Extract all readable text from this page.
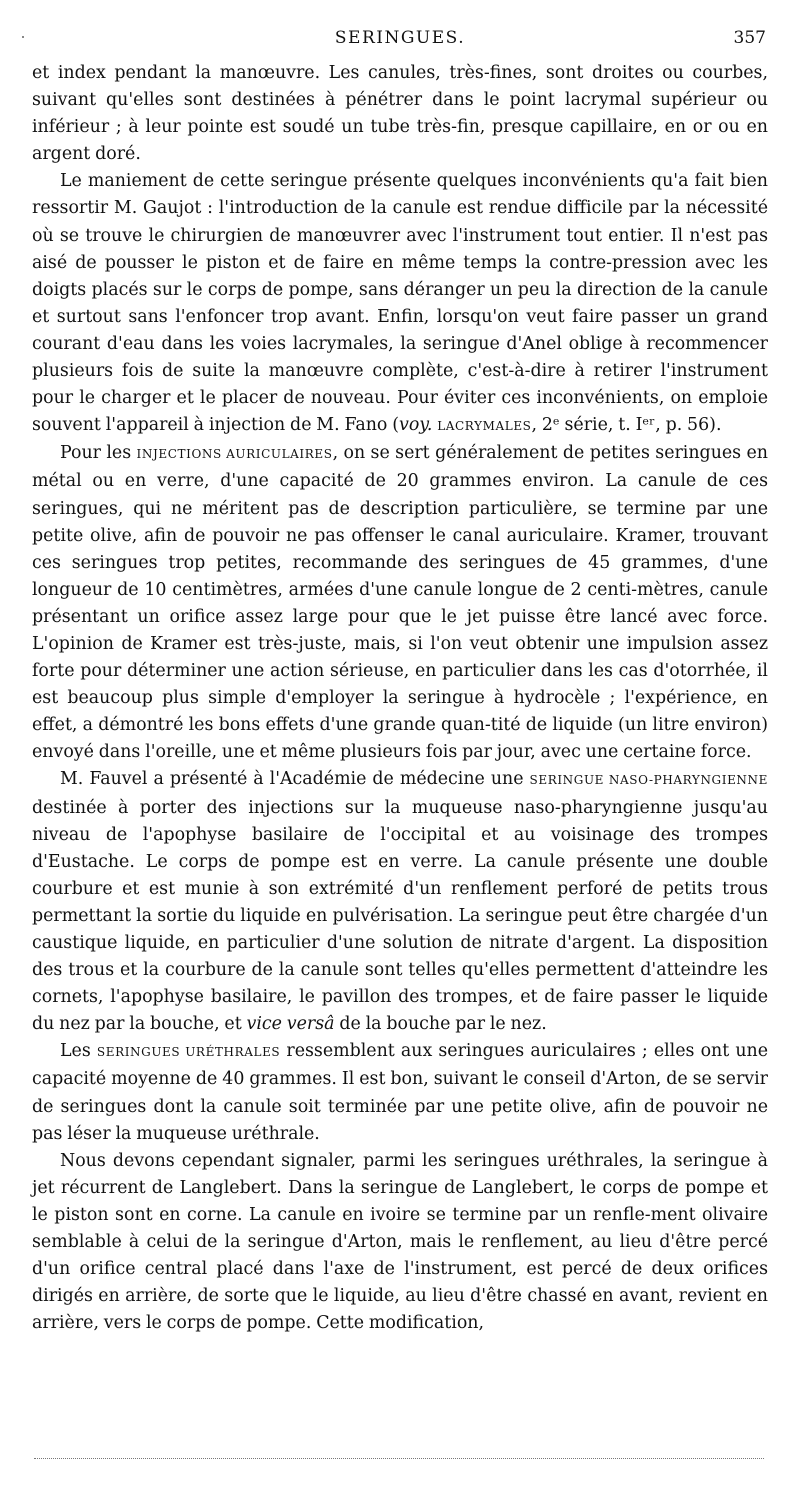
SERINGUES.	357

et index pendant la manœuvre. Les canules, très-fines, sont droites ou courbes, suivant qu'elles sont destinées à pénétrer dans le point lacrymal supérieur ou inférieur ; à leur pointe est soudé un tube très-fin, presque capillaire, en or ou en argent doré.

Le maniement de cette seringue présente quelques inconvénients qu'a fait bien ressortir M. Gaujot : l'introduction de la canule est rendue difficile par la nécessité où se trouve le chirurgien de manœuvrer avec l'instrument tout entier. Il n'est pas aisé de pousser le piston et de faire en même temps la contre-pression avec les doigts placés sur le corps de pompe, sans déranger un peu la direction de la canule et surtout sans l'enfoncer trop avant. Enfin, lorsqu'on veut faire passer un grand courant d'eau dans les voies lacrymales, la seringue d'Anel oblige à recommencer plusieurs fois de suite la manœuvre complète, c'est-à-dire à retirer l'instrument pour le charger et le placer de nouveau. Pour éviter ces inconvénients, on emploie souvent l'appareil à injection de M. Fano (voy. LACRYMALES, 2ᵉ série, t. Iᵉʳ, p. 56).

Pour les INJECTIONS AURICULAIRES, on se sert généralement de petites seringues en métal ou en verre, d'une capacité de 20 grammes environ. La canule de ces seringues, qui ne méritent pas de description particulière, se termine par une petite olive, afin de pouvoir ne pas offenser le canal auriculaire. Kramer, trouvant ces seringues trop petites, recommande des seringues de 45 grammes, d'une longueur de 10 centimètres, armées d'une canule longue de 2 centi-mètres, canule présentant un orifice assez large pour que le jet puisse être lancé avec force. L'opinion de Kramer est très-juste, mais, si l'on veut obtenir une impulsion assez forte pour déterminer une action sérieuse, en particulier dans les cas d'otorrhée, il est beaucoup plus simple d'employer la seringue à hydrocèle ; l'expérience, en effet, a démontré les bons effets d'une grande quan-tité de liquide (un litre environ) envoyé dans l'oreille, une et même plusieurs fois par jour, avec une certaine force.

M. Fauvel a présenté à l'Académie de médecine une SERINGUE NASO-PHARYNGIENNE destinée à porter des injections sur la muqueuse naso-pharyngienne jusqu'au niveau de l'apophyse basilaire de l'occipital et au voisinage des trompes d'Eustache. Le corps de pompe est en verre. La canule présente une double courbure et est munie à son extrémité d'un renflement perforé de petits trous permettant la sortie du liquide en pulvérisation. La seringue peut être chargée d'un caustique liquide, en particulier d'une solution de nitrate d'argent. La disposition des trous et la courbure de la canule sont telles qu'elles permettent d'atteindre les cornets, l'apophyse basilaire, le pavillon des trompes, et de faire passer le liquide du nez par la bouche, et vice versâ de la bouche par le nez.

Les SERINGUES URÉTHRALES ressemblent aux seringues auriculaires ; elles ont une capacité moyenne de 40 grammes. Il est bon, suivant le conseil d'Arton, de se servir de seringues dont la canule soit terminée par une petite olive, afin de pouvoir ne pas léser la muqueuse uréthrale.

Nous devons cependant signaler, parmi les seringues uréthrales, la seringue à jet récurrent de Langlebert. Dans la seringue de Langlebert, le corps de pompe et le piston sont en corne. La canule en ivoire se termine par un renfle-ment olivaire semblable à celui de la seringue d'Arton, mais le renflement, au lieu d'être percé d'un orifice central placé dans l'axe de l'instrument, est percé de deux orifices dirigés en arrière, de sorte que le liquide, au lieu d'être chassé en avant, revient en arrière, vers le corps de pompe. Cette modification,
